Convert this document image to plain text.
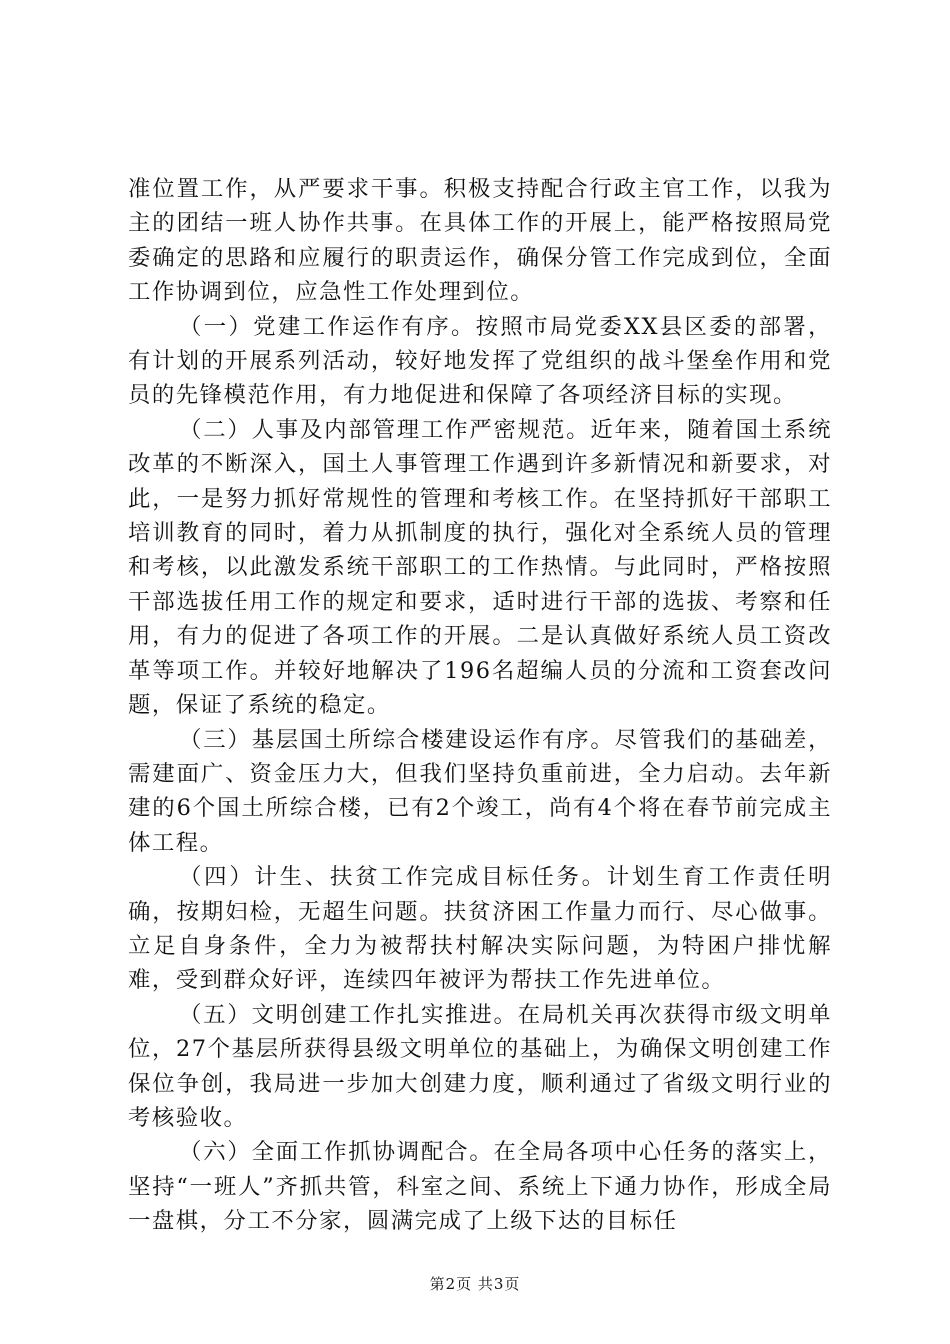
准位置工作，从严要求干事。积极支持配合行政主官工作，以我为主的团结一班人协作共事。在具体工作的开展上，能严格按照局党委确定的思路和应履行的职责运作，确保分管工作完成到位，全面工作协调到位，应急性工作处理到位。

（一）党建工作运作有序。按照市局党委XX县区委的部署，有计划的开展系列活动，较好地发挥了党组织的战斗堡垒作用和党员的先锋模范作用，有力地促进和保障了各项经济目标的实现。

（二）人事及内部管理工作严密规范。近年来，随着国土系统改革的不断深入，国土人事管理工作遇到许多新情况和新要求，对此，一是努力抓好常规性的管理和考核工作。在坚持抓好干部职工培训教育的同时，着力从抓制度的执行，强化对全系统人员的管理和考核，以此激发系统干部职工的工作热情。与此同时，严格按照干部选拔任用工作的规定和要求，适时进行干部的选拔、考察和任用，有力的促进了各项工作的开展。二是认真做好系统人员工资改革等项工作。并较好地解决了196名超编人员的分流和工资套改问题，保证了系统的稳定。

（三）基层国土所综合楼建设运作有序。尽管我们的基础差，需建面广、资金压力大，但我们坚持负重前进，全力启动。去年新建的6个国土所综合楼，已有2个竣工，尚有4个将在春节前完成主体工程。

（四）计生、扶贫工作完成目标任务。计划生育工作责任明确，按期妇检，无超生问题。扶贫济困工作量力而行、尽心做事。立足自身条件，全力为被帮扶村解决实际问题，为特困户排忧解难，受到群众好评，连续四年被评为帮扶工作先进单位。

（五）文明创建工作扎实推进。在局机关再次获得市级文明单位，27个基层所获得县级文明单位的基础上，为确保文明创建工作保位争创，我局进一步加大创建力度，顺利通过了省级文明行业的考核验收。

（六）全面工作抓协调配合。在全局各项中心任务的落实上，坚持“一班人”齐抓共管，科室之间、系统上下通力协作，形成全局一盘棋，分工不分家，圆满完成了上级下达的目标任

第2页 共3页
